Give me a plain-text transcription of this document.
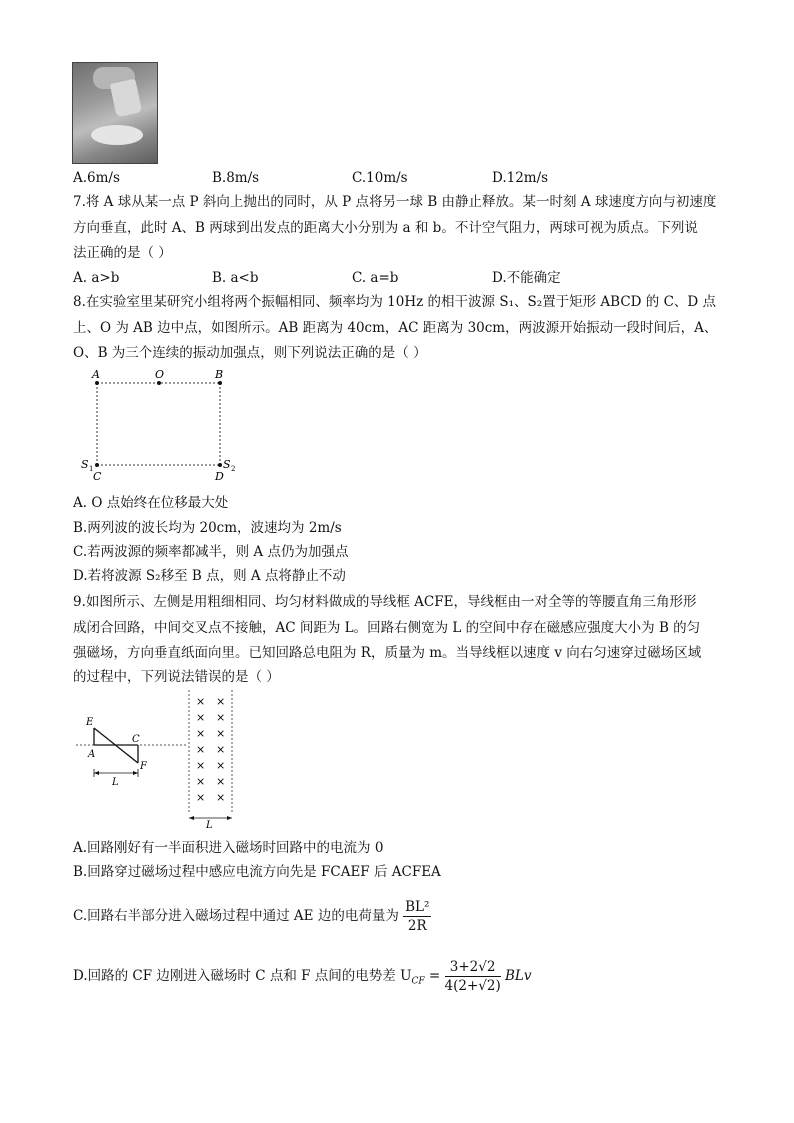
A.6m/s	B.8m/s	C.10m/s	D.12m/s
7.将 A 球从某一点 P 斜向上抛出的同时，从 P 点将另一球 B 由静止释放。某一时刻 A 球速度方向与初速度
方向垂直，此时 A、B 两球到出发点的距离大小分别为 a 和 b。不计空气阻力，两球可视为质点。下列说
法正确的是（ ）
A. a>b	B. a<b	C. a=b	D.不能确定
8.在实验室里某研究小组将两个振幅相同、频率均为 10Hz 的相干波源 S₁、S₂置于矩形 ABCD 的 C、D 点
上、O 为 AB 边中点，如图所示。AB 距离为 40cm，AC 距离为 30cm，两波源开始振动一段时间后，A、
O、B 为三个连续的振动加强点，则下列说法正确的是（ ）
A	O	B
S 1
C
S 2
D
A. O 点始终在位移最大处
B.两列波的波长均为 20cm，波速均为 2m/s
C.若两波源的频率都减半，则 A 点仍为加强点
D.若将波源 S₂移至 B 点，则 A 点将静止不动
9.如图所示、左侧是用粗细相同、均匀材料做成的导线框 ACFE，导线框由一对全等的等腰直角三角形形
成闭合回路，中间交叉点不接触，AC 间距为 L。回路右侧宽为 L 的空间中存在磁感应强度大小为 B 的匀
强磁场，方向垂直纸面向里。已知回路总电阻为 R，质量为 m。当导线框以速度 v 向右匀速穿过磁场区域
的过程中，下列说法错误的是（ ）
L
E
A
C
F
× ×
× ×
× ×
× ×
× ×
× ×
× ×
L
A.回路刚好有一半面积进入磁场时回路中的电流为 0
B.回路穿过磁场过程中感应电流方向先是 FCAEF 后 ACFEA
C.回路右半部分进入磁场过程中通过 AE 边的电荷量为 $\frac{\text{BL²}}{2R}$
D.回路的 CF 边刚进入磁场时 C 点和 F 点间的电势差 $U_{CF} = \frac{3+2√2}{4(2+√2)}$ BLv
